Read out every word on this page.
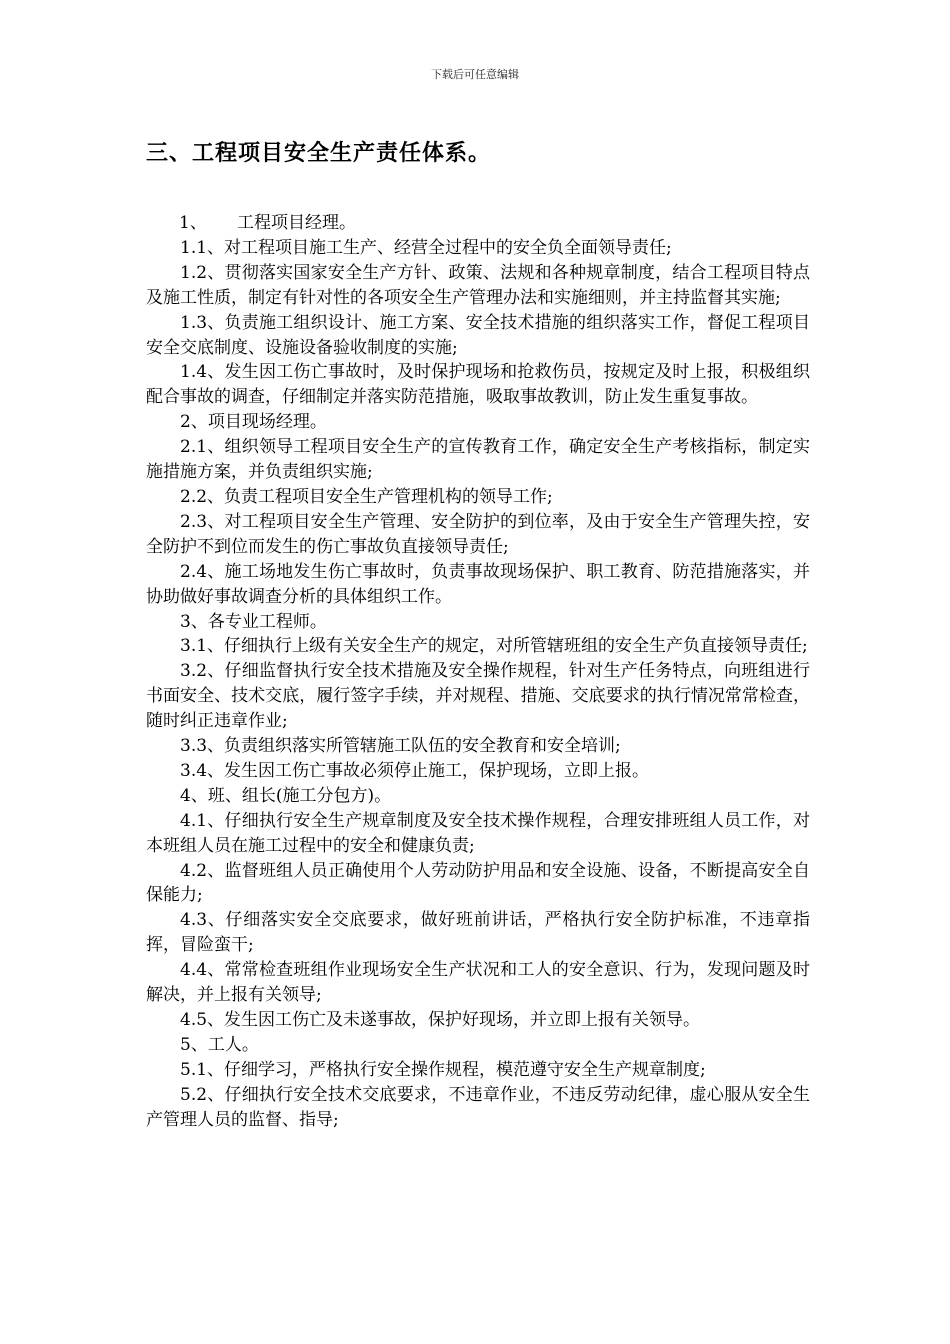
下载后可任意编辑
三、工程项目安全生产责任体系。

1、 工程项目经理。

1.1、对工程项目施工生产、经营全过程中的安全负全面领导责任;

1.2、贯彻落实国家安全生产方针、政策、法规和各种规章制度，结合工程项目特点及施工性质，制定有针对性的各项安全生产管理办法和实施细则，并主持监督其实施;

1.3、负责施工组织设计、施工方案、安全技术措施的组织落实工作，督促工程项目安全交底制度、设施设备验收制度的实施;

1.4、发生因工伤亡事故时，及时保护现场和抢救伤员，按规定及时上报，积极组织配合事故的调查，仔细制定并落实防范措施，吸取事故教训，防止发生重复事故。

2、项目现场经理。

2.1、组织领导工程项目安全生产的宣传教育工作，确定安全生产考核指标，制定实施措施方案，并负责组织实施;

2.2、负责工程项目安全生产管理机构的领导工作;

2.3、对工程项目安全生产管理、安全防护的到位率，及由于安全生产管理失控，安全防护不到位而发生的伤亡事故负直接领导责任;

2.4、施工场地发生伤亡事故时，负责事故现场保护、职工教育、防范措施落实，并协助做好事故调查分析的具体组织工作。

3、各专业工程师。

3.1、仔细执行上级有关安全生产的规定，对所管辖班组的安全生产负直接领导责任;

3.2、仔细监督执行安全技术措施及安全操作规程，针对生产任务特点，向班组进行书面安全、技术交底，履行签字手续，并对规程、措施、交底要求的执行情况常常检查，随时纠正违章作业;

3.3、负责组织落实所管辖施工队伍的安全教育和安全培训;

3.4、发生因工伤亡事故必须停止施工，保护现场，立即上报。

4、班、组长(施工分包方)。

4.1、仔细执行安全生产规章制度及安全技术操作规程，合理安排班组人员工作，对本班组人员在施工过程中的安全和健康负责;

4.2、监督班组人员正确使用个人劳动防护用品和安全设施、设备，不断提高安全自保能力;

4.3、仔细落实安全交底要求，做好班前讲话，严格执行安全防护标准，不违章指挥，冒险蛮干;

4.4、常常检查班组作业现场安全生产状况和工人的安全意识、行为，发现问题及时解决，并上报有关领导;

4.5、发生因工伤亡及未遂事故，保护好现场，并立即上报有关领导。

5、工人。

5.1、仔细学习，严格执行安全操作规程，模范遵守安全生产规章制度;

5.2、仔细执行安全技术交底要求，不违章作业，不违反劳动纪律，虚心服从安全生产管理人员的监督、指导;
